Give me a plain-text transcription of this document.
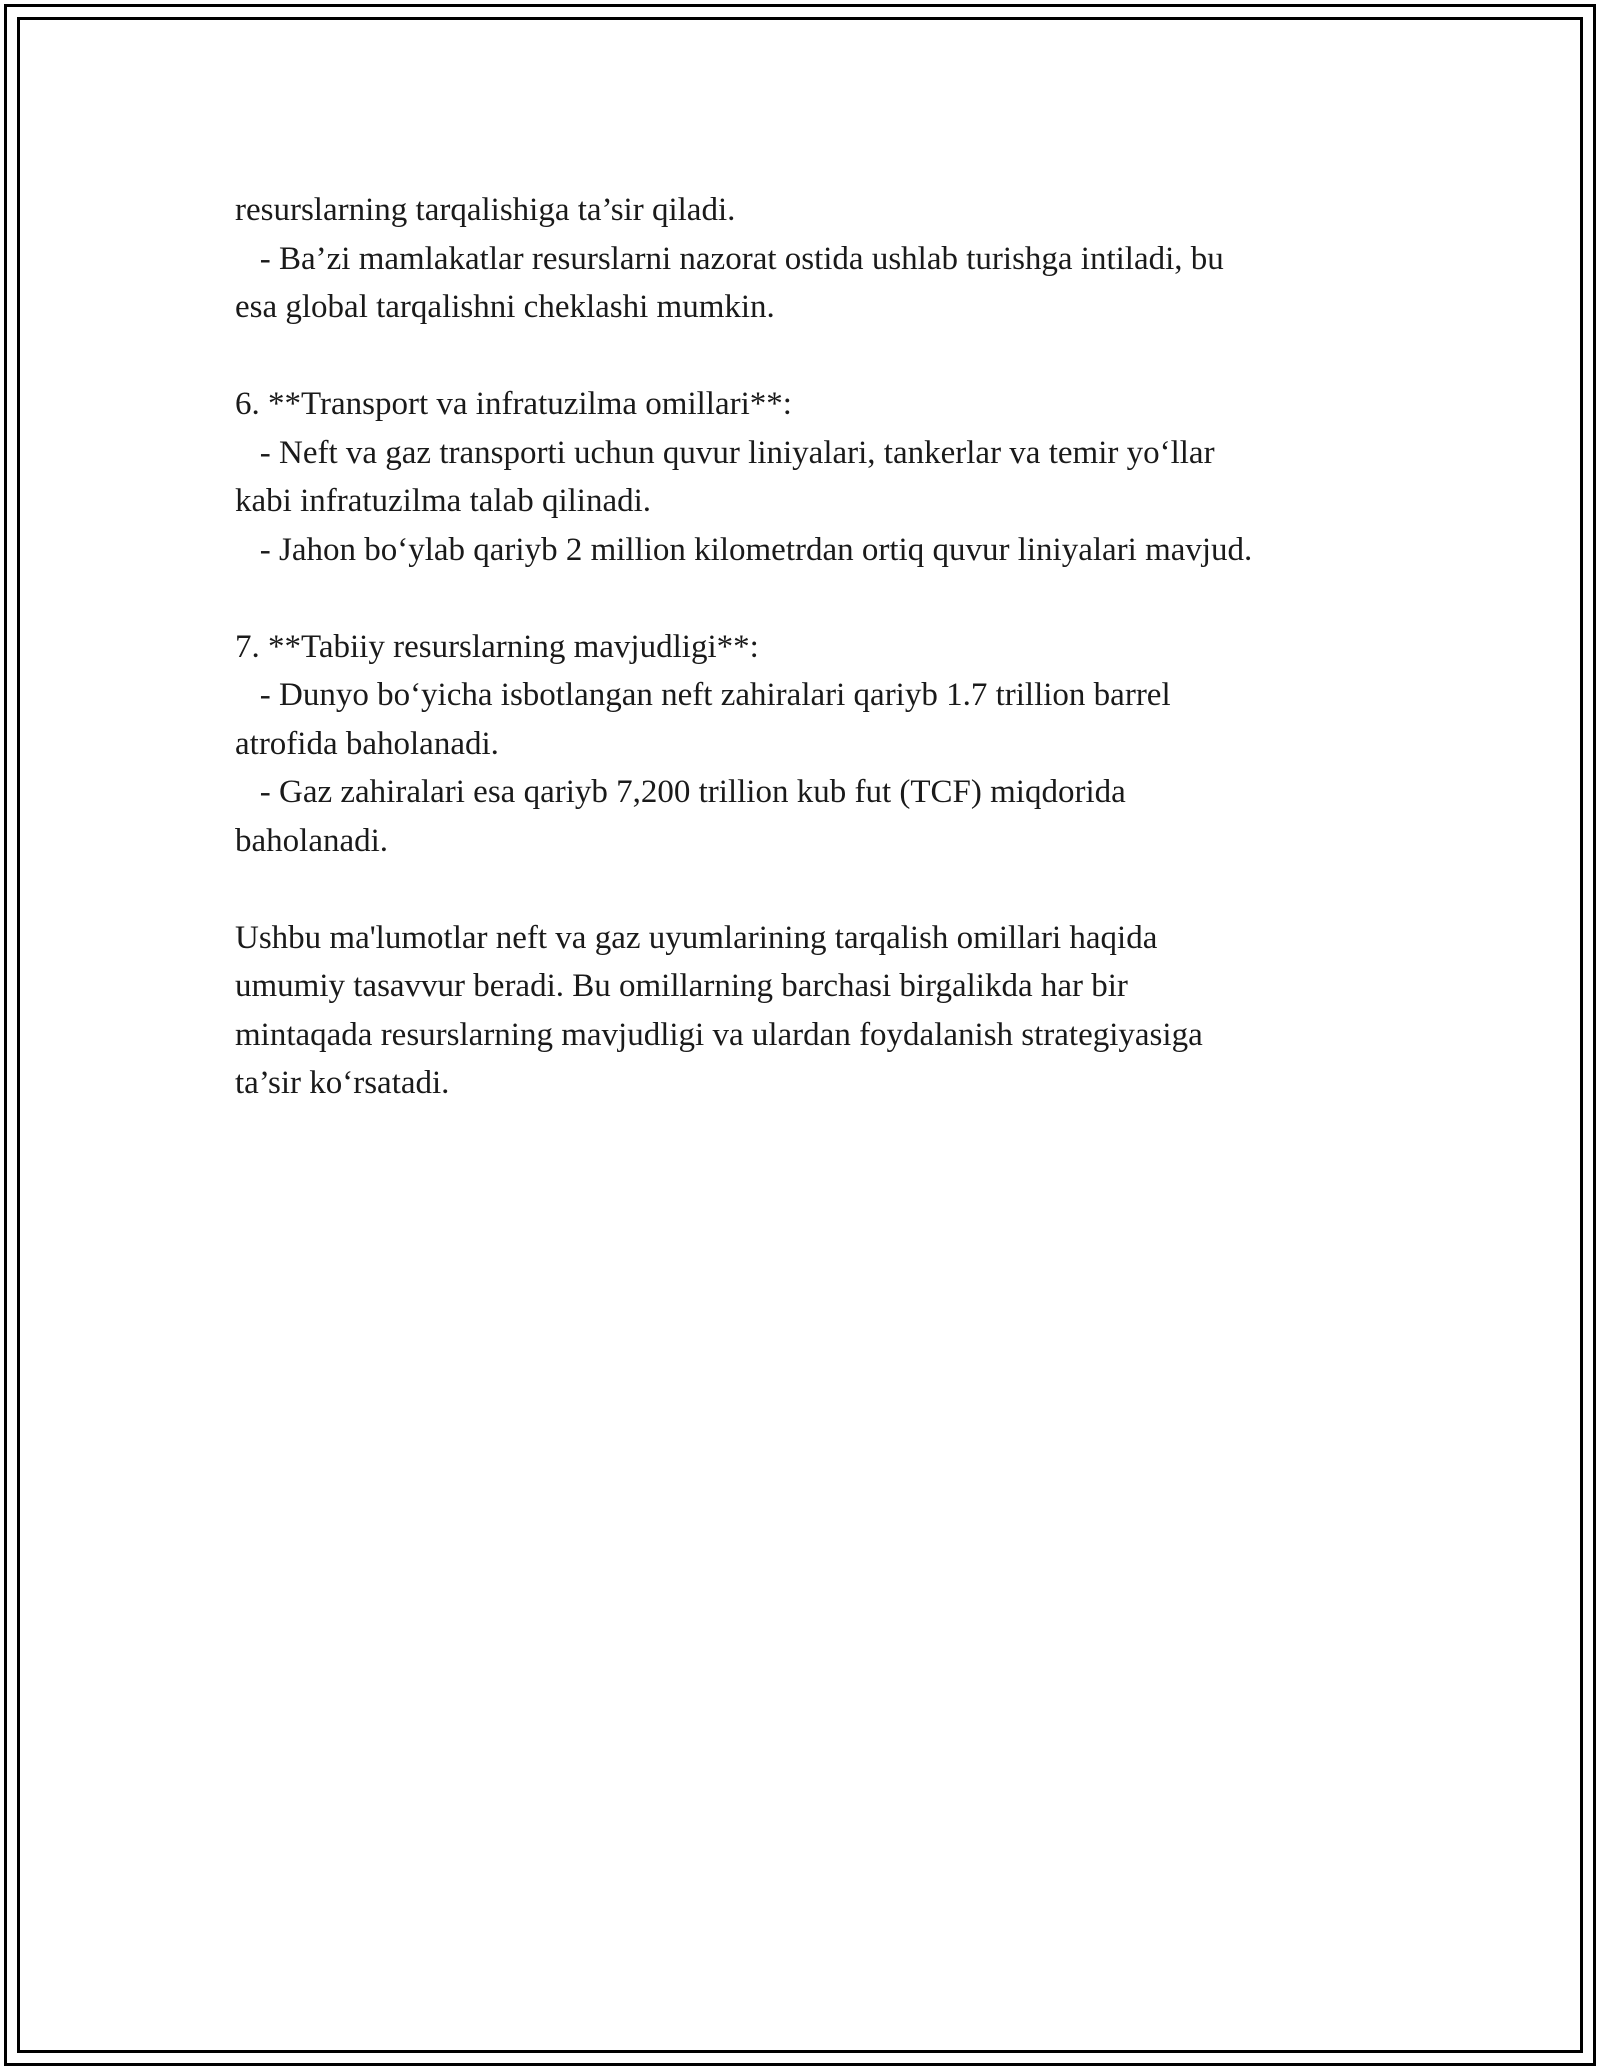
resurslarning tarqalishiga ta’sir qiladi.
- Ba’zi mamlakatlar resurslarni nazorat ostida ushlab turishga intiladi, bu
esa global tarqalishni cheklashi mumkin.
6. **Transport va infratuzilma omillari**:
- Neft va gaz transporti uchun quvur liniyalari, tankerlar va temir yo‘llar
kabi infratuzilma talab qilinadi.
- Jahon bo‘ylab qariyb 2 million kilometrdan ortiq quvur liniyalari mavjud.
7. **Tabiiy resurslarning mavjudligi**:
- Dunyo bo‘yicha isbotlangan neft zahiralari qariyb 1.7 trillion barrel
atrofida baholanadi.
- Gaz zahiralari esa qariyb 7,200 trillion kub fut (TCF) miqdorida
baholanadi.
Ushbu ma'lumotlar neft va gaz uyumlarining tarqalish omillari haqida
umumiy tasavvur beradi. Bu omillarning barchasi birgalikda har bir
mintaqada resurslarning mavjudligi va ulardan foydalanish strategiyasiga
ta’sir ko‘rsatadi.
